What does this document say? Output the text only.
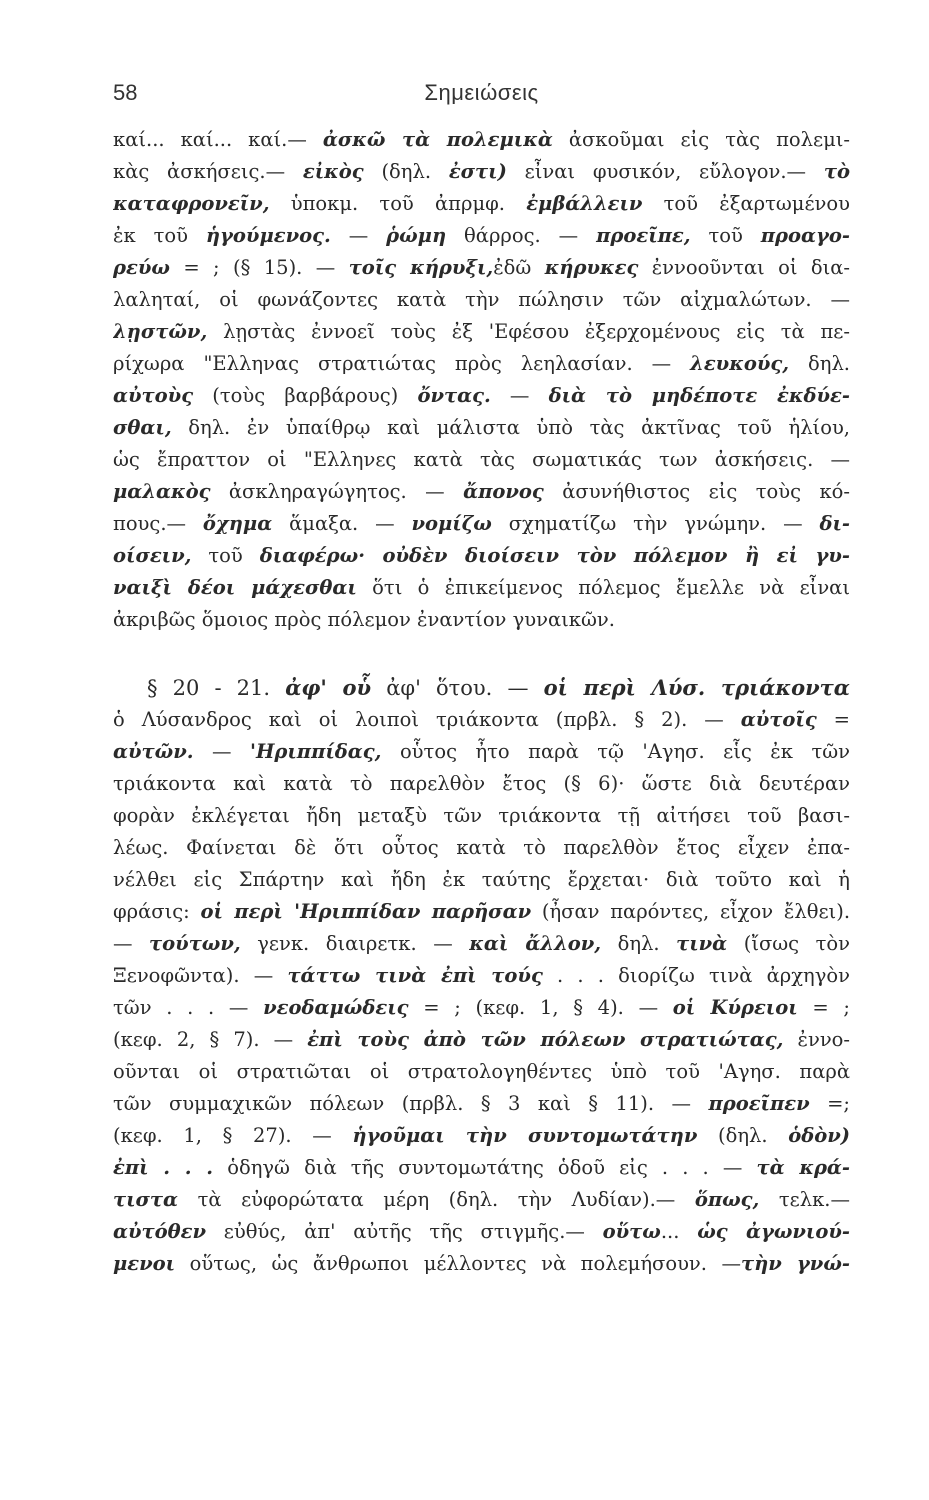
58	Σημειώσεις
καί... καί... καί.— ἀσκῶ τὰ πολεμικὰ ἀσκοῦμαι εἰς τὰς πολεμι-
κὰς ἀσκήσεις.— εἰκὸς (δηλ. ἐστι) εἶναι φυσικόν, εὔλογον.— τὸ
καταφρονεῖν, ὑποκμ. τοῦ ἀπρμφ. ἐμβάλλειν τοῦ ἐξαρτωμένου
ἐκ τοῦ ἡγούμενος. — ῥώμη θάρρος. — προεῖπε, τοῦ προαγο-
ρεύω = ; (§ 15). — τοῖς κήρυξι,ἐδῶ κήρυκες ἐννοοῦνται οἱ δια-
λαληταί, οἱ φωνάζοντες κατὰ τὴν πώλησιν τῶν αἰχμαλώτων. —
λῃστῶν, λῃστὰς ἐννοεῖ τοὺς ἐξ 'Εφέσου ἐξερχομένους εἰς τὰ πε-
ρίχωρα "Ελληνας στρατιώτας πρὸς λεηλασίαν. — λευκούς, δηλ.
αὐτοὺς (τοὺς βαρβάρους) ὄντας. — διὰ τὸ μηδέποτε ἐκδύε-
σθαι, δηλ. ἐν ὑπαίθρῳ καὶ μάλιστα ὑπὸ τὰς ἀκτῖνας τοῦ ἡλίου,
ὡς ἔπραττον οἱ "Ελληνες κατὰ τὰς σωματικάς των ἀσκήσεις. —
μαλακὸς ἀσκληραγώγητος. — ἄπονος ἀσυνήθιστος εἰς τοὺς κό-
πους.— ὄχημα ἅμαξα. — νομίζω σχηματίζω τὴν γνώμην. — δι-
οίσειν, τοῦ διαφέρω· οὐδὲν διοίσειν τὸν πόλεμον ἢ εἰ γυ-
ναιξὶ δέοι μάχεσθαι ὅτι ὁ ἐπικείμενος πόλεμος ἔμελλε νὰ εἶναι
ἀκριβῶς ὅμοιος πρὸς πόλεμον ἐναντίον γυναικῶν.
§ 20 - 21. ἀφ' οὗ ἀφ' ὅτου. — οἱ περὶ Λύσ. τριάκοντα
ὁ Λύσανδρος καὶ οἱ λοιποὶ τριάκοντα (πρβλ. § 2). — αὐτοῖς =
αὐτῶν. — 'Ηριππίδας, οὗτος ἦτο παρὰ τῷ 'Αγησ. εἷς ἐκ τῶν
τριάκοντα καὶ κατὰ τὸ παρελθὸν ἔτος (§ 6)· ὥστε διὰ δευτέραν
φορὰν ἐκλέγεται ἤδη μεταξὺ τῶν τριάκοντα τῇ αἰτήσει τοῦ βασι-
λέως. Φαίνεται δὲ ὅτι οὗτος κατὰ τὸ παρελθὸν ἔτος εἶχεν ἐπα-
νέλθει εἰς Σπάρτην καὶ ἤδη ἐκ ταύτης ἔρχεται· διὰ τοῦτο καὶ ἡ
φράσις: οἱ περὶ 'Ηριππίδαν παρῆσαν (ἦσαν παρόντες, εἶχον ἔλθει).
— τούτων, γενκ. διαιρετκ. — καὶ ἄλλον, δηλ. τινὰ (ἴσως τὸν
Ξενοφῶντα). — τάττω τινὰ ἐπὶ τούς . . . διορίζω τινὰ ἀρχηγὸν
τῶν . . . — νεοδαμώδεις = ; (κεφ. 1, § 4). — οἱ Κύρειοι = ;
(κεφ. 2, § 7). — ἐπὶ τοὺς ἀπὸ τῶν πόλεων στρατιώτας, ἐννο-
οῦνται οἱ στρατιῶται οἱ στρατολογηθέντες ὑπὸ τοῦ 'Αγησ. παρὰ
τῶν συμμαχικῶν πόλεων (πρβλ. § 3 καὶ § 11). — προεῖπεν =;
(κεφ. 1, § 27). — ἡγοῦμαι τὴν συντομωτάτην (δηλ. ὁδὸν)
ἐπὶ . . . ὁδηγῶ διὰ τῆς συντομωτάτης ὁδοῦ εἰς . . . — τὰ κρά-
τιστα τὰ εὐφορώτατα μέρη (δηλ. τὴν Λυδίαν).— ὅπως, τελκ.—
αὐτόθεν εὐθύς, ἀπ' αὐτῆς τῆς στιγμῆς.— οὕτω... ὡς ἀγωνιού-
μενοι οὕτως, ὡς ἄνθρωποι μέλλοντες νὰ πολεμήσουν. —τὴν γνώ-
